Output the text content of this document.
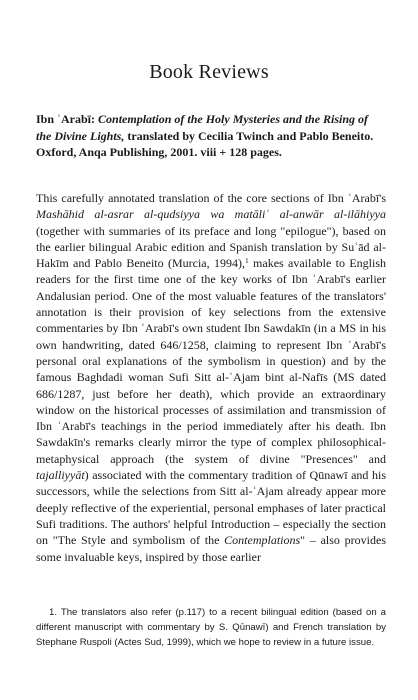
Book Reviews
Ibn ʿArabī: Contemplation of the Holy Mysteries and the Rising of the Divine Lights, translated by Cecilia Twinch and Pablo Beneito. Oxford, Anqa Publishing, 2001. viii + 128 pages.
This carefully annotated translation of the core sections of Ibn ʿArabī's Mashāhid al-asrar al-qudsiyya wa matāliʿ al-anwār al-ilāhiyya (together with summaries of its preface and long "epilogue"), based on the earlier bilingual Arabic edition and Spanish translation by Suʿād al-Hakīm and Pablo Beneito (Murcia, 1994),$^1$ makes available to English readers for the first time one of the key works of Ibn ʿArabī's earlier Andalusian period. One of the most valuable features of the translators' annotation is their provision of key selections from the extensive commentaries by Ibn ʿArabī's own student Ibn Sawdakīn (in a MS in his own handwriting, dated 646/1258, claiming to represent Ibn ʿArabī's personal oral explanations of the symbolism in question) and by the famous Baghdadi woman Sufi Sitt al-ʿAjam bint al-Nafīs (MS dated 686/1287, just before her death), which provide an extraordinary window on the historical processes of assimilation and transmission of Ibn ʿArabī's teachings in the period immediately after his death. Ibn Sawdakīn's remarks clearly mirror the type of complex philosophical-metaphysical approach (the system of divine "Presences" and tajalliyyāt) associated with the commentary tradition of Qūnawī and his successors, while the selections from Sitt al-ʿAjam already appear more deeply reflective of the experiential, personal emphases of later practical Sufi traditions. The authors' helpful Introduction – especially the section on "The Style and symbolism of the Contemplations" – also provides some invaluable keys, inspired by those earlier
1. The translators also refer (p.117) to a recent bilingual edition (based on a different manuscript with commentary by S. Qūnawī) and French translation by Stephane Ruspoli (Actes Sud, 1999), which we hope to review in a future issue.
